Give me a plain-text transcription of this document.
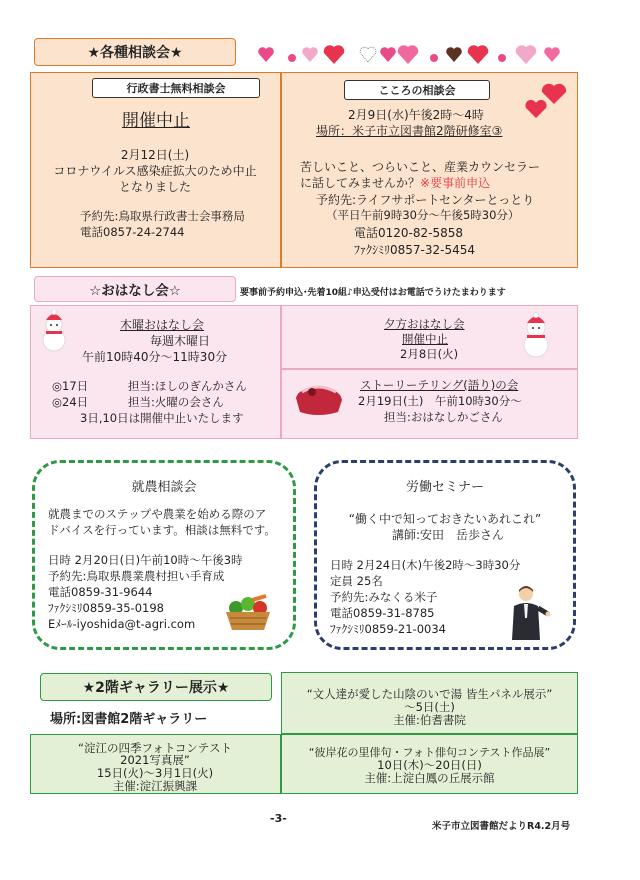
★各種相談会★
行政書士無料相談会
開催中止
2月12日(土)
コロナウイルス感染症拡大のため中止
となりました
予約先:鳥取県行政書士会事務局
電話0857-24-2744
こころの相談会
2月9日(水)午後2時～4時
場所：米子市立図書館2階研修室③
苦しいこと、つらいこと、産業カウンセラー
に話してみませんか？※要事前申込
予約先:ライフサポートセンターとっとり
（平日午前9時30分～午後5時30分）
電話0120-82-5858
ﾌｧｸｼﾐﾘ0857-32-5454
☆おはなし会☆	要事前予約申込･先着10組♪申込受付はお電話でうけたまわります
木曜おはなし会
毎週木曜日
午前10時40分～11時30分
◎17日	担当:ほしのぎんかさん
◎24日	担当:火曜の会さん
3日,10日は開催中止いたします
夕方おはなし会
開催中止
2月8日(火)
ストーリーテリング(語り)の会
2月19日(土)　午前10時30分～
担当:おはなしかごさん
就農相談会
就農までのステップや農業を始める際のア
ドバイスを行っています。相談は無料です。
日時 2月20日(日)午前10時～午後3時
予約先:鳥取県農業農村担い手育成
電話0859-31-9644
ﾌｧｸｼﾐﾘ0859-35-0198
Eﾒｰﾙ-iyoshida@t-agri.com
労働セミナー
“働く中で知っておきたいあれこれ”
講師:安田　岳歩さん
日時 2月24日(木)午後2時～3時30分
定員 25名
予約先:みなくる米子
電話0859-31-8785
ﾌｧｸｼﾐﾘ0859-21-0034
★2階ギャラリー展示★
場所:図書館2階ギャラリー
“文人達が愛した山陰のいで湯 皆生パネル展示”
～5日(土)
主催:伯耆書院
“淀江の四季フォトコンテスト
2021写真展”
15日(火)～3月1日(火)
主催:淀江振興課
“彼岸花の里俳句・フォト俳句コンテスト作品展”
10日(木)～20日(日)
主催:上淀白鳳の丘展示館
-3-
米子市立図書館だよりR4.2月号
